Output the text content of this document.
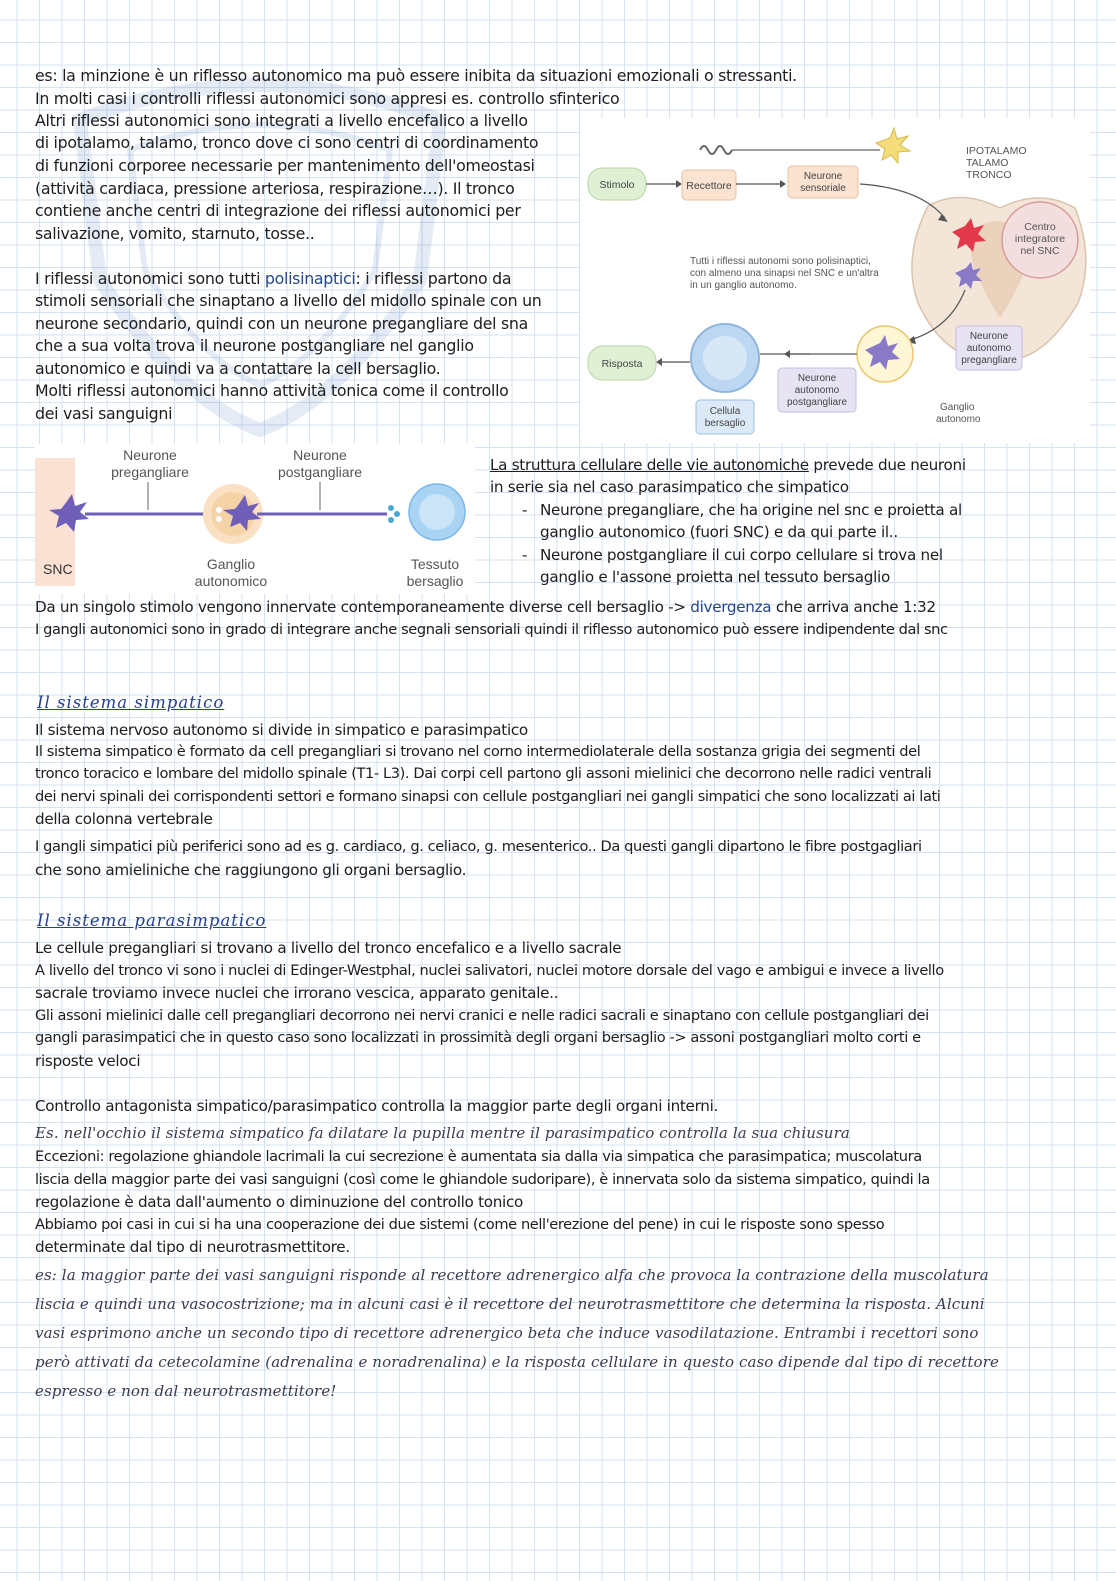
es: la minzione è un riflesso autonomico ma può essere inibita da situazioni emozionali o stressanti.
In molti casi i controlli riflessi autonomici sono appresi es. controllo sfinterico
Altri riflessi autonomici sono integrati a livello encefalico a livello
di ipotalamo, talamo, tronco dove ci sono centri di coordinamento
di funzioni corporee necessarie per mantenimento dell'omeostasi
(attività cardiaca, pressione arteriosa, respirazione…). Il tronco
contiene anche centri di integrazione dei riflessi autonomici per
salivazione, vomito, starnuto, tosse..
I riflessi autonomici sono tutti polisinaptici: i riflessi partono da
stimoli sensoriali che sinaptano a livello del midollo spinale con un
neurone secondario, quindi con un neurone pregangliare del sna
che a sua volta trova il neurone postgangliare nel ganglio
autonomico e quindi va a contattare la cell bersaglio.
Molti riflessi autonomici hanno attività tonica come il controllo
dei vasi sanguigni
Centro
integratore
nel SNC
IPOTALAMO
TALAMO
TRONCO
Stimolo	Recettore
Neurone
sensoriale
Tutti i riflessi autonomi sono polisinaptici,
con almeno una sinapsi nel SNC e un'altra
in un ganglio autonomo.
Neurone
autonomo
pregangliare
Ganglio
autonomo
Neurone
autonomo
postgangliare
Cellula
bersaglio
Risposta
SNC
Neurone
pregangliare
Neurone
postgangliare
Ganglio
autonomico
Tessuto
bersaglio
La struttura cellulare delle vie autonomiche prevede due neuroni
in serie sia nel caso parasimpatico che simpatico
- Neurone pregangliare, che ha origine nel snc e proietta al
ganglio autonomico (fuori SNC) e da qui parte il..
- Neurone postgangliare il cui corpo cellulare si trova nel
ganglio e l'assone proietta nel tessuto bersaglio
Da un singolo stimolo vengono innervate contemporaneamente diverse cell bersaglio -> divergenza che arriva anche 1:32
I gangli autonomici sono in grado di integrare anche segnali sensoriali quindi il riflesso autonomico può essere indipendente dal snc
Il sistema simpatico
Il sistema nervoso autonomo si divide in simpatico e parasimpatico
Il sistema simpatico è formato da cell pregangliari si trovano nel corno intermediolaterale della sostanza grigia dei segmenti del
tronco toracico e lombare del midollo spinale (T1- L3). Dai corpi cell partono gli assoni mielinici che decorrono nelle radici ventrali
dei nervi spinali dei corrispondenti settori e formano sinapsi con cellule postgangliari nei gangli simpatici che sono localizzati ai lati
della colonna vertebrale
I gangli simpatici più periferici sono ad es g. cardiaco, g. celiaco, g. mesenterico.. Da questi gangli dipartono le fibre postgagliari
che sono amieliniche che raggiungono gli organi bersaglio.
Il sistema parasimpatico
Le cellule pregangliari si trovano a livello del tronco encefalico e a livello sacrale
A livello del tronco vi sono i nuclei di Edinger-Westphal, nuclei salivatori, nuclei motore dorsale del vago e ambigui e invece a livello
sacrale troviamo invece nuclei che irrorano vescica, apparato genitale..
Gli assoni mielinici dalle cell pregangliari decorrono nei nervi cranici e nelle radici sacrali e sinaptano con cellule postgangliari dei
gangli parasimpatici che in questo caso sono localizzati in prossimità degli organi bersaglio -> assoni postgangliari molto corti e
risposte veloci
Controllo antagonista simpatico/parasimpatico controlla la maggior parte degli organi interni.
Es. nell'occhio il sistema simpatico fa dilatare la pupilla mentre il parasimpatico controlla la sua chiusura
Eccezioni: regolazione ghiandole lacrimali la cui secrezione è aumentata sia dalla via simpatica che parasimpatica; muscolatura
liscia della maggior parte dei vasi sanguigni (così come le ghiandole sudoripare), è innervata solo da sistema simpatico, quindi la
regolazione è data dall'aumento o diminuzione del controllo tonico
Abbiamo poi casi in cui si ha una cooperazione dei due sistemi (come nell'erezione del pene) in cui le risposte sono spesso
determinate dal tipo di neurotrasmettitore.
es: la maggior parte dei vasi sanguigni risponde al recettore adrenergico alfa che provoca la contrazione della muscolatura
liscia e quindi una vasocostrizione; ma in alcuni casi è il recettore del neurotrasmettitore che determina la risposta. Alcuni
vasi esprimono anche un secondo tipo di recettore adrenergico beta che induce vasodilatazione. Entrambi i recettori sono
però attivati da cetecolamine (adrenalina e noradrenalina) e la risposta cellulare in questo caso dipende dal tipo di recettore
espresso e non dal neurotrasmettitore!
